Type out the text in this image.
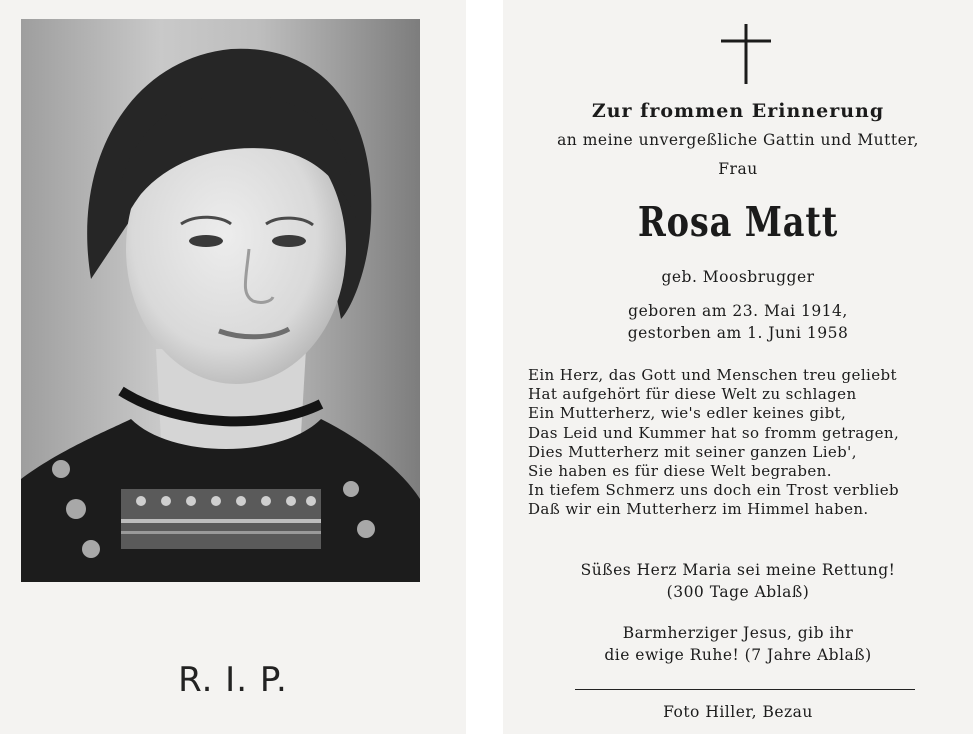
R. I. P.
Zur frommen Erinnerung
an meine unvergeßliche Gattin und Mutter,
Frau
Rosa Matt
geb. Moosbrugger
geboren am 23. Mai 1914,
gestorben am 1. Juni 1958
Ein Herz, das Gott und Menschen treu geliebt
Hat aufgehört für diese Welt zu schlagen
Ein Mutterherz, wie's edler keines gibt,
Das Leid und Kummer hat so fromm getragen,
Dies Mutterherz mit seiner ganzen Lieb',
Sie haben es für diese Welt begraben.
In tiefem Schmerz uns doch ein Trost verblieb
Daß wir ein Mutterherz im Himmel haben.
Süßes Herz Maria sei meine Rettung!
(300 Tage Ablaß)
Barmherziger Jesus, gib ihr
die ewige Ruhe! (7 Jahre Ablaß)
Foto Hiller, Bezau
